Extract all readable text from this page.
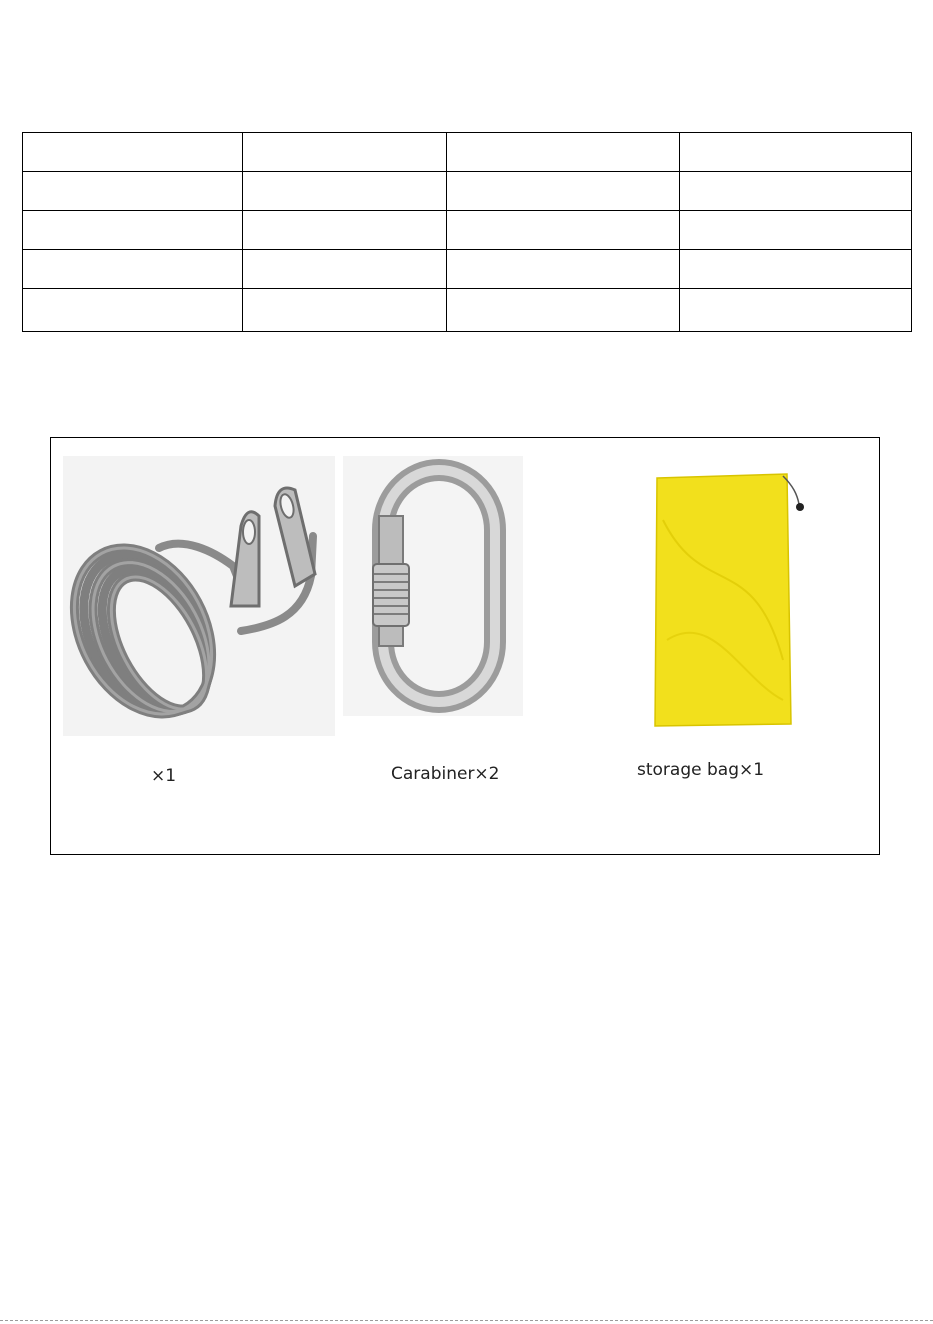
×1	Carabiner×2	storage bag×1
